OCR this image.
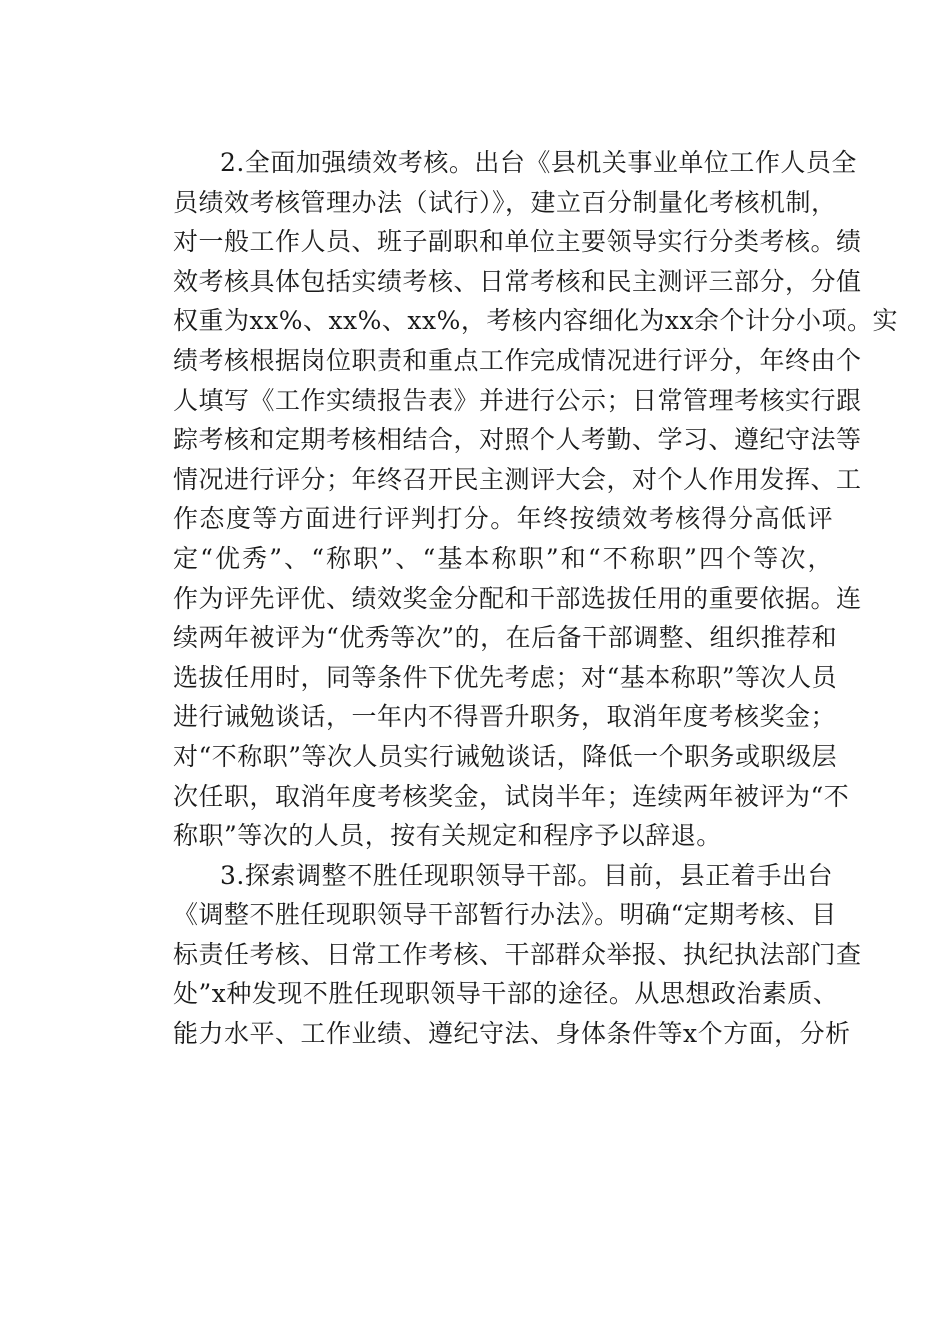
2.全面加强绩效考核。出台《县机关事业单位工作人员全
员绩效考核管理办法（试行）》，建立百分制量化考核机制，
对一般工作人员、班子副职和单位主要领导实行分类考核。绩
效考核具体包括实绩考核、日常考核和民主测评三部分，分值
权重为xx%、xx%、xx%，考核内容细化为xx余个计分小项。实
绩考核根据岗位职责和重点工作完成情况进行评分，年终由个
人填写《工作实绩报告表》并进行公示；日常管理考核实行跟
踪考核和定期考核相结合，对照个人考勤、学习、遵纪守法等
情况进行评分；年终召开民主测评大会，对个人作用发挥、工
作态度等方面进行评判打分。年终按绩效考核得分高低评
定“优秀”、“称职”、“基本称职”和“不称职”四个等次，
作为评先评优、绩效奖金分配和干部选拔任用的重要依据。连
续两年被评为“优秀等次”的，在后备干部调整、组织推荐和
选拔任用时，同等条件下优先考虑；对“基本称职”等次人员
进行诫勉谈话，一年内不得晋升职务，取消年度考核奖金；
对“不称职”等次人员实行诫勉谈话，降低一个职务或职级层
次任职，取消年度考核奖金，试岗半年；连续两年被评为“不
称职”等次的人员，按有关规定和程序予以辞退。
3.探索调整不胜任现职领导干部。目前，县正着手出台
《调整不胜任现职领导干部暂行办法》。明确“定期考核、目
标责任考核、日常工作考核、干部群众举报、执纪执法部门查
处”x种发现不胜任现职领导干部的途径。从思想政治素质、
能力水平、工作业绩、遵纪守法、身体条件等x个方面，分析
